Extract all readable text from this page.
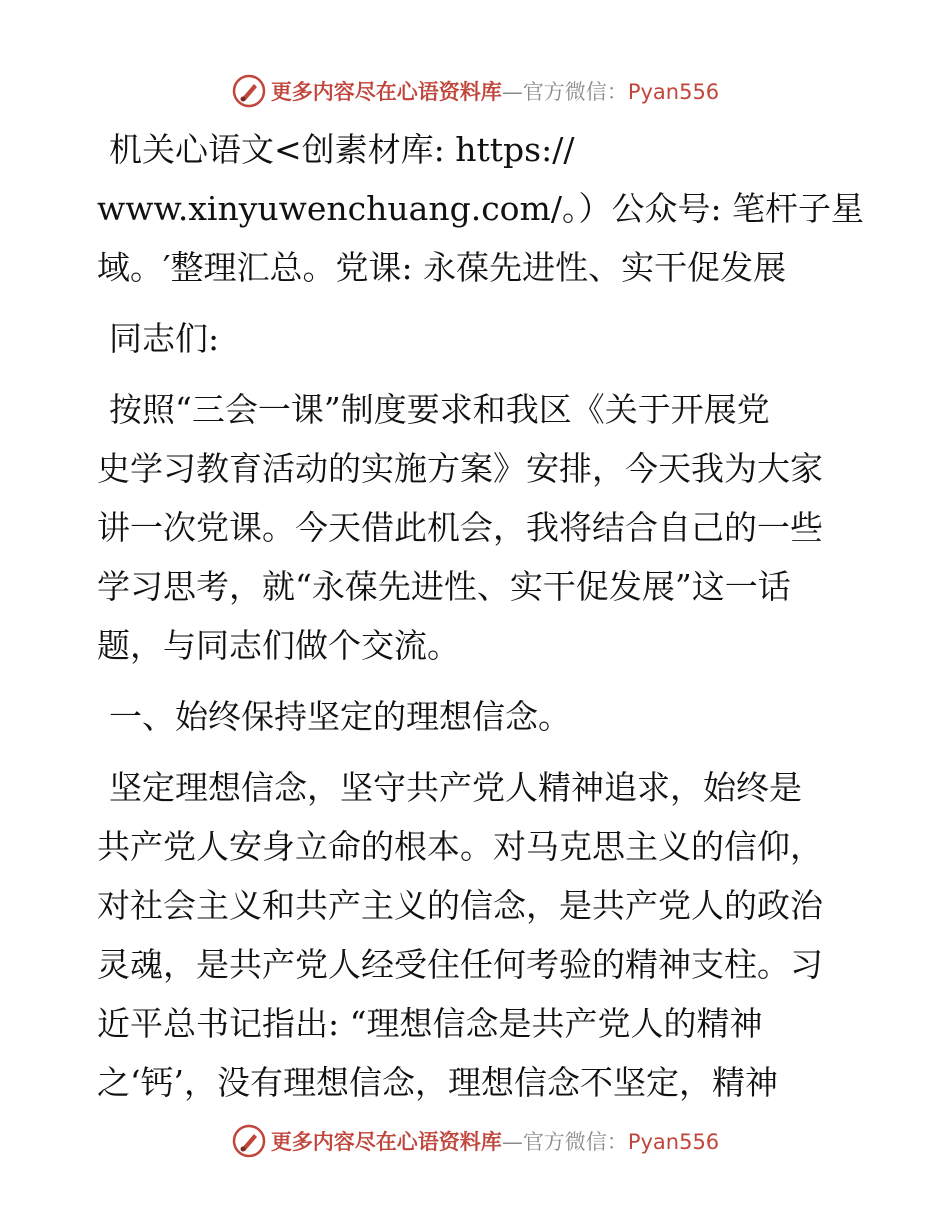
更多内容尽在心语资料库—官方微信：Pyan556
机关心语文<创素材库: https://
www.xinyuwenchuang.com/。）公众号: 笔杆子星
域。′整理汇总。党课: 永葆先进性、实干促发展
同志们:
按照“三会一课”制度要求和我区《关于开展党
史学习教育活动的实施方案》安排，今天我为大家
讲一次党课。今天借此机会，我将结合自己的一些
学习思考，就“永葆先进性、实干促发展”这一话
题，与同志们做个交流。
一、始终保持坚定的理想信念。
坚定理想信念，坚守共产党人精神追求，始终是
共产党人安身立命的根本。对马克思主义的信仰，
对社会主义和共产主义的信念，是共产党人的政治
灵魂，是共产党人经受住任何考验的精神支柱。习
近平总书记指出: “理想信念是共产党人的精神
之‘钙’，没有理想信念，理想信念不坚定，精神
更多内容尽在心语资料库—官方微信：Pyan556
